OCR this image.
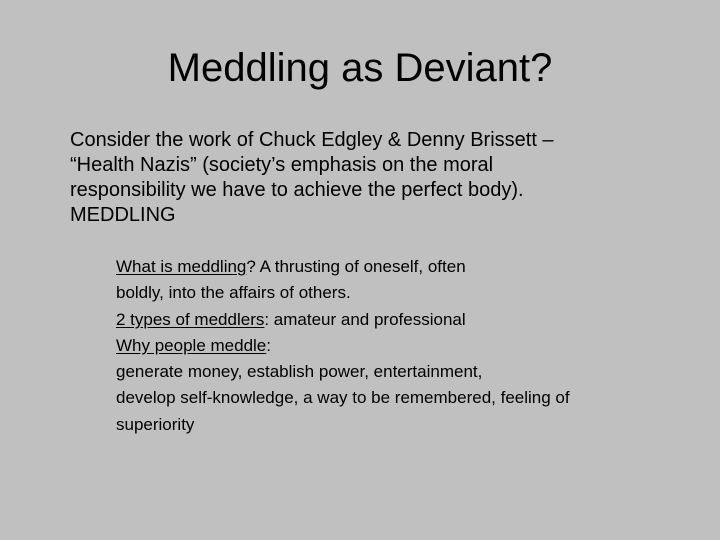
Meddling as Deviant?
Consider the work of Chuck Edgley & Denny Brissett –
“Health Nazis” (society’s emphasis on the moral
responsibility we have to achieve the perfect body).
MEDDLING
What is meddling? A thrusting of oneself, often
boldly, into the affairs of others.
2 types of meddlers: amateur and professional
Why people meddle:
generate money, establish power, entertainment,
develop self-knowledge, a way to be remembered, feeling of
superiority
